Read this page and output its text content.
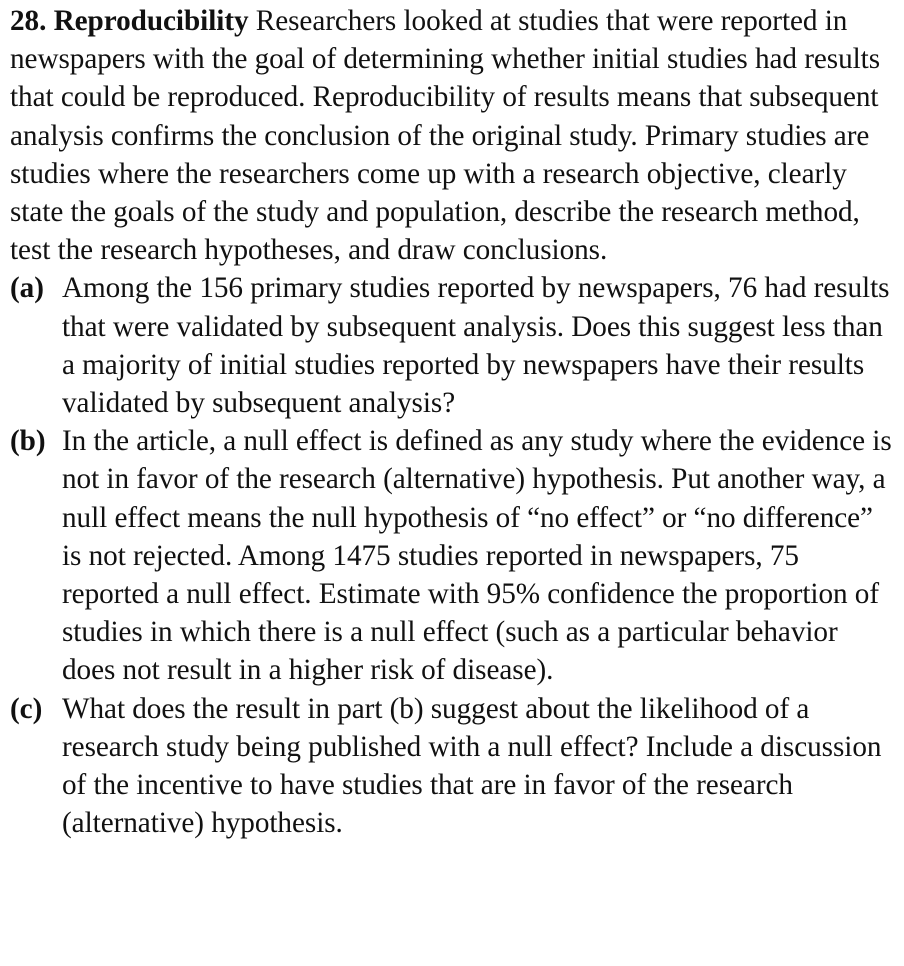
28. Reproducibility Researchers looked at studies that were reported in newspapers with the goal of determining whether initial studies had results that could be reproduced. Reproducibility of results means that subsequent analysis confirms the conclusion of the original study. Primary studies are studies where the researchers come up with a research objective, clearly state the goals of the study and population, describe the research method, test the research hypotheses, and draw conclusions.

(a) Among the 156 primary studies reported by newspapers, 76 had results that were validated by subsequent analysis. Does this suggest less than a majority of initial studies reported by newspapers have their results validated by subsequent analysis?
(b) In the article, a null effect is defined as any study where the evidence is not in favor of the research (alternative) hypothesis. Put another way, a null effect means the null hypothesis of “no effect” or “no difference” is not rejected. Among 1475 studies reported in newspapers, 75 reported a null effect. Estimate with 95% confidence the proportion of studies in which there is a null effect (such as a particular behavior does not result in a higher risk of disease).
(c) What does the result in part (b) suggest about the likelihood of a research study being published with a null effect? Include a discussion of the incentive to have studies that are in favor of the research (alternative) hypothesis.
